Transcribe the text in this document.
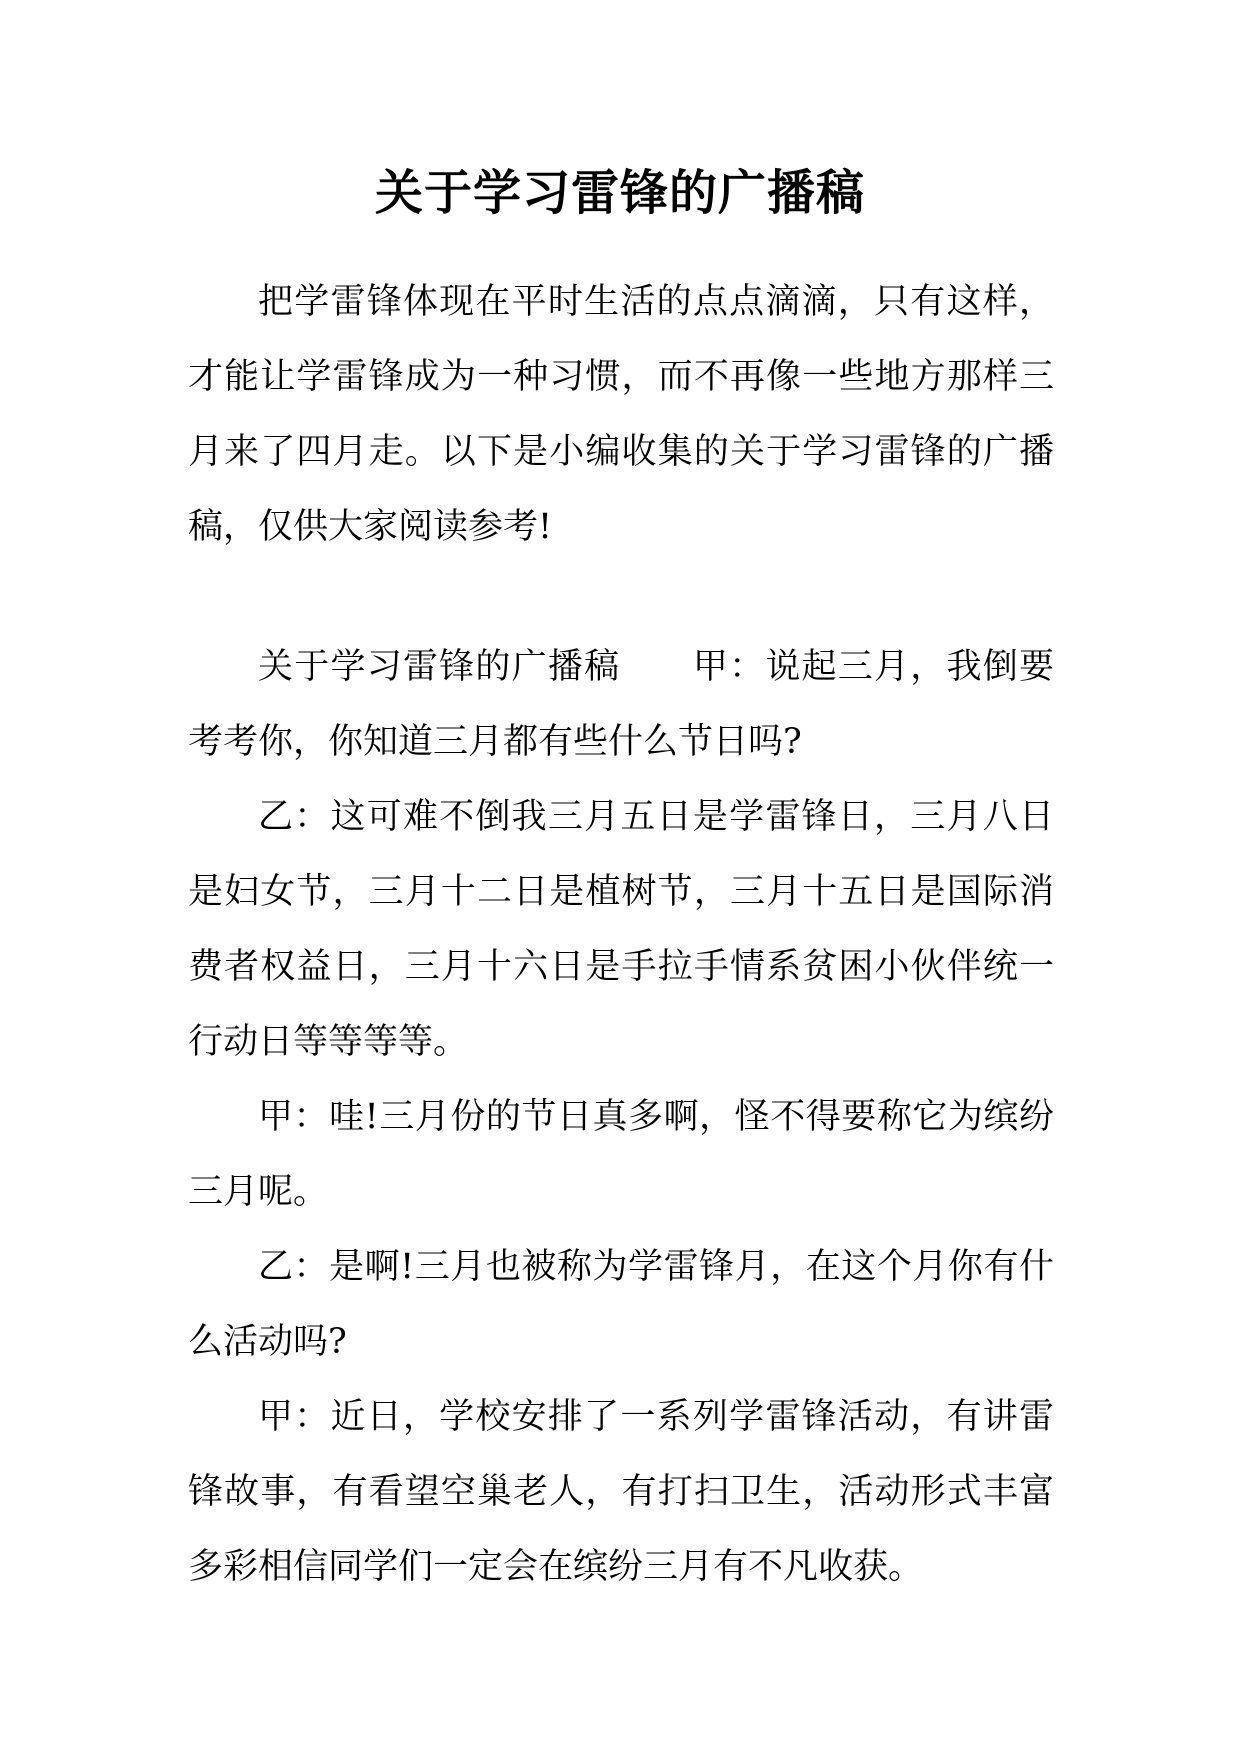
关于学习雷锋的广播稿

把学雷锋体现在平时生活的点点滴滴，只有这样，才能让学雷锋成为一种习惯，而不再像一些地方那样三月来了四月走。以下是小编收集的关于学习雷锋的广播稿，仅供大家阅读参考!

关于学习雷锋的广播稿　　甲：说起三月，我倒要考考你，你知道三月都有些什么节日吗?

乙：这可难不倒我三月五日是学雷锋日，三月八日是妇女节，三月十二日是植树节，三月十五日是国际消费者权益日，三月十六日是手拉手情系贫困小伙伴统一行动日等等等等。

甲：哇!三月份的节日真多啊，怪不得要称它为缤纷三月呢。

乙：是啊!三月也被称为学雷锋月，在这个月你有什么活动吗?

甲：近日，学校安排了一系列学雷锋活动，有讲雷锋故事，有看望空巢老人，有打扫卫生，活动形式丰富多彩相信同学们一定会在缤纷三月有不凡收获。
